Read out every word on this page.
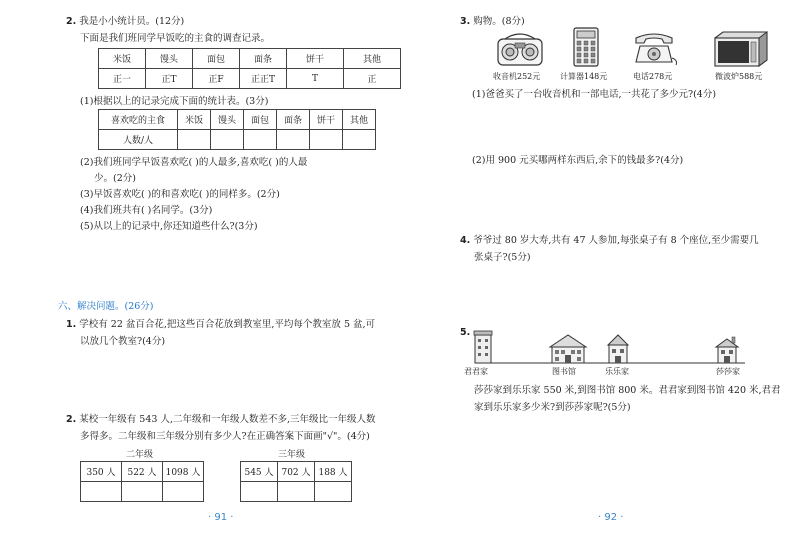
2. 我是小小统计员。(12分)
下面是我们班同学早饭吃的主食的调查记录。
米饭	馒头	面包	面条	饼干	其他
正一	正T	正F	正正T	T	正
(1)根据以上的记录完成下面的统计表。(3分)
喜欢吃的主食	米饭	馒头	面包	面条	饼干	其他
人数/人						
(2)我们班同学早饭喜欢吃( )的人最多,喜欢吃( )的人最
少。(2分)
(3)早饭喜欢吃( )的和喜欢吃( )的同样多。(2分)
(4)我们班共有( )名同学。(3分)
(5)从以上的记录中,你还知道些什么?(3分)
六、解决问题。(26分)
1. 学校有 22 盆百合花,把这些百合花放到教室里,平均每个教室放 5 盆,可
以放几个教室?(4分)
2. 某校一年级有 543 人,二年级和一年级人数差不多,三年级比一年级人数
多得多。二年级和三年级分别有多少人?在正确答案下面画"√"。(4分)
二年级
350 人	522 人	1098 人

三年级
545 人	702 人	188 人

· 91 ·
3. 购物。(8分)
收音机252元 计算器148元	电话278元	微波炉588元
(1)爸爸买了一台收音机和一部电话,一共花了多少元?(4分)
(2)用 900 元买哪两样东西后,余下的钱最多?(4分)
4. 爷爷过 80 岁大寿,共有 47 人参加,每张桌子有 8 个座位,至少需要几
张桌子?(5分)
5.
君君家	图书馆	乐乐家	莎莎家
莎莎家到乐乐家 550 米,到图书馆 800 米。君君家到图书馆 420 米,君君
家到乐乐家多少米?到莎莎家呢?(5分)
· 92 ·
